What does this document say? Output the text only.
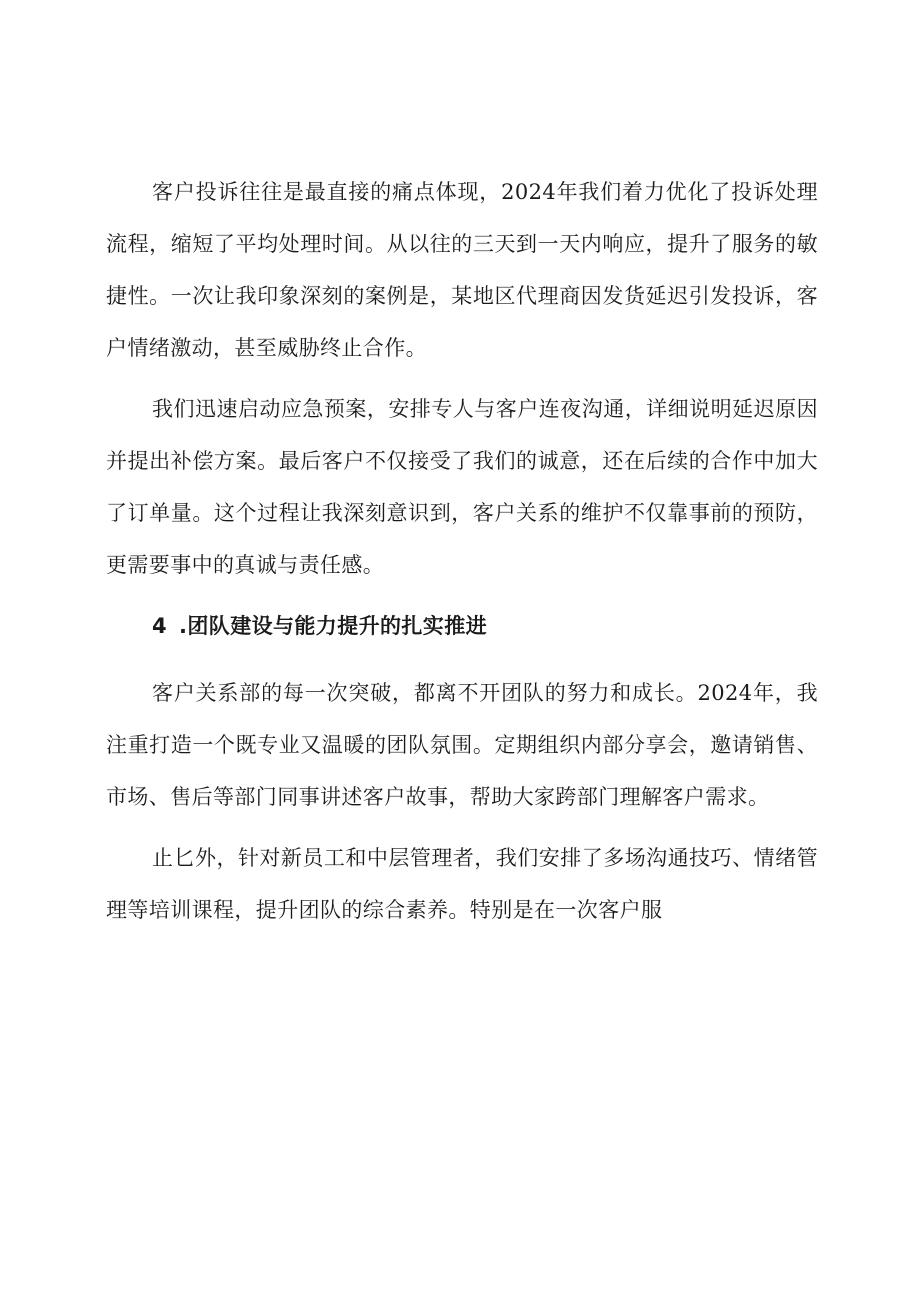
客户投诉往往是最直接的痛点体现，2024年我们着力优化了投诉处理流程，缩短了平均处理时间。从以往的三天到一天内响应，提升了服务的敏捷性。一次让我印象深刻的案例是，某地区代理商因发货延迟引发投诉，客户情绪激动，甚至威胁终止合作。

我们迅速启动应急预案，安排专人与客户连夜沟通，详细说明延迟原因并提出补偿方案。最后客户不仅接受了我们的诚意，还在后续的合作中加大了订单量。这个过程让我深刻意识到，客户关系的维护不仅靠事前的预防，更需要事中的真诚与责任感。

4 .团队建设与能力提升的扎实推进

客户关系部的每一次突破，都离不开团队的努力和成长。2024年，我注重打造一个既专业又温暖的团队氛围。定期组织内部分享会，邀请销售、市场、售后等部门同事讲述客户故事，帮助大家跨部门理解客户需求。

止匕外，针对新员工和中层管理者，我们安排了多场沟通技巧、情绪管理等培训课程，提升团队的综合素养。特别是在一次客户服
